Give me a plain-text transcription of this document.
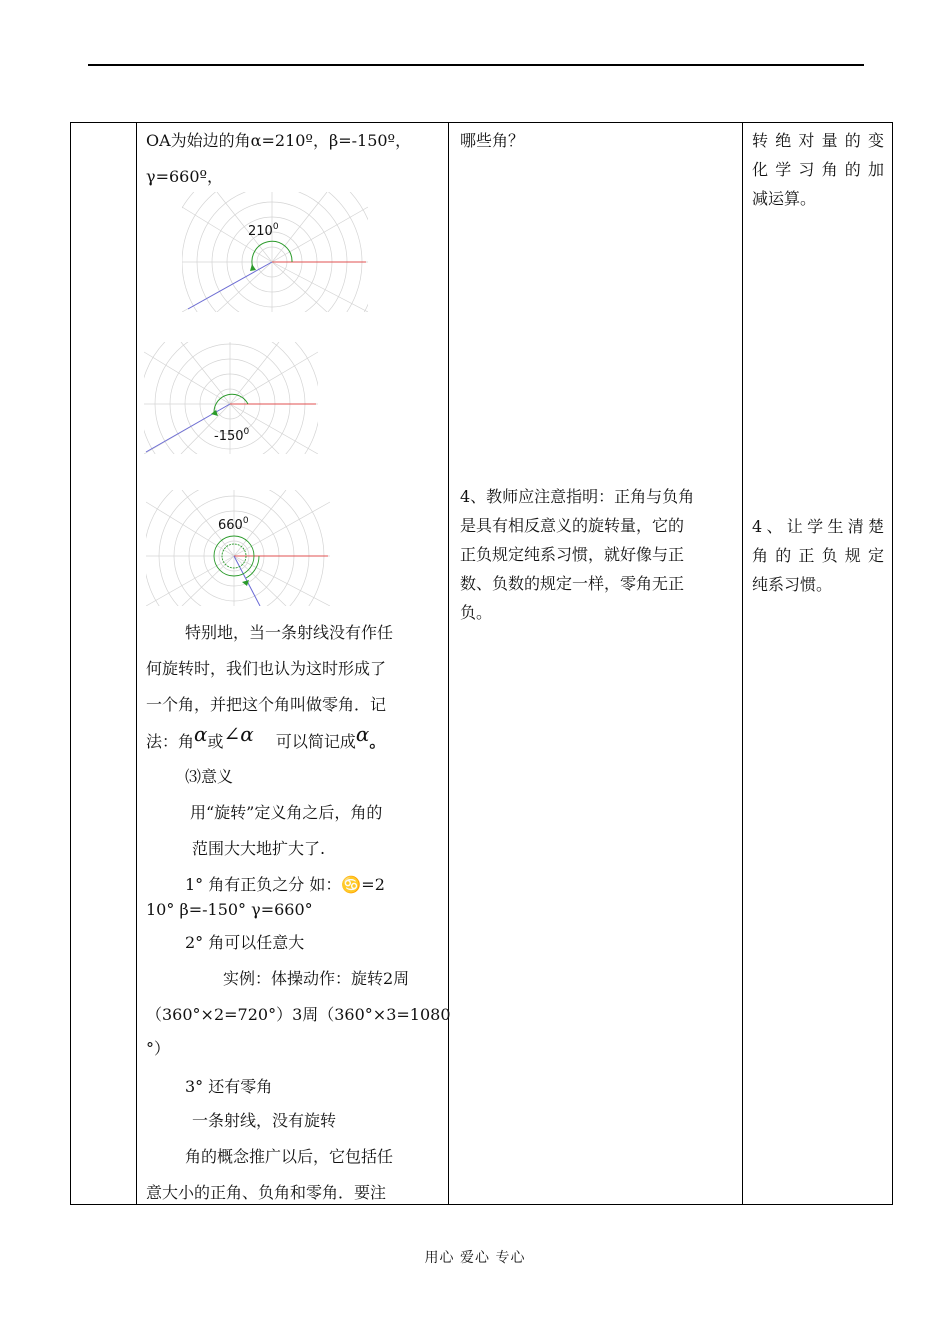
OA为始边的角α=210º，β=-150º，
γ=660º，
$210^0$
$-150^0$
$660^0$
特别地，当一条射线没有作任
何旋转时，我们也认为这时形成了
一个角，并把这个角叫做零角．记
法：角α或∠α 可以简记成α。
⑶意义
用“旋转”定义角之后，角的
范围大大地扩大了.
1° 角有正负之分 如：♋=2
10° β=-150° γ=660°
2° 角可以任意大
实例：体操动作：旋转2周
（360°×2=720°）3周（360°×3=1080
°）
3° 还有零角
一条射线，没有旋转
角的概念推广以后，它包括任
意大小的正角、负角和零角．要注
哪些角？
4、教师应注意指明：正角与负角
是具有相反意义的旋转量，它的
正负规定纯系习惯，就好像与正
数、负数的规定一样，零角无正
负。
转绝对量的变
化学习角的加
减运算。
4、让学生清楚
角的正负规定
纯系习惯。
用心 爱心 专心
